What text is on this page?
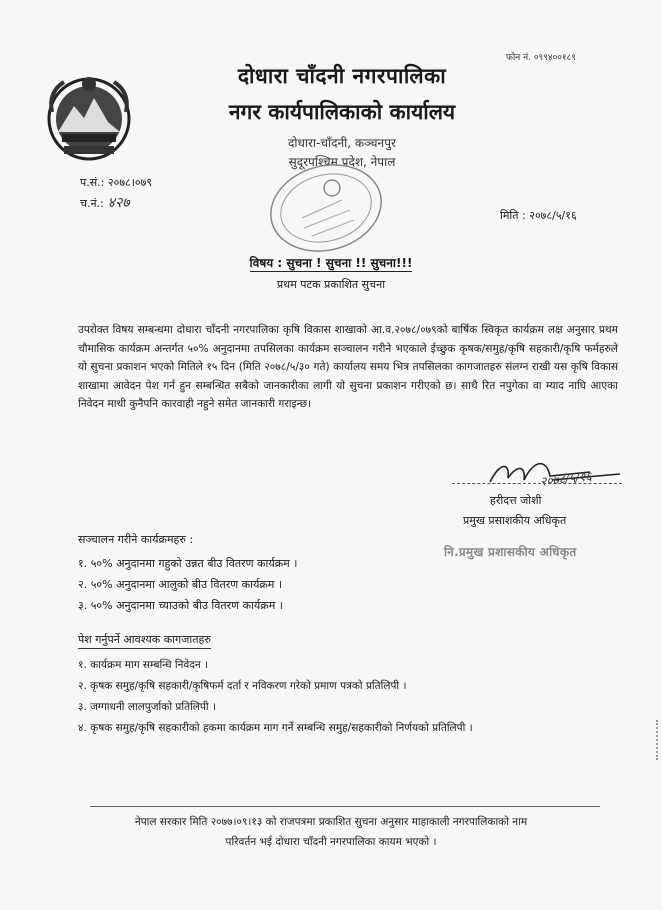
फोन नं. ०९९४००१८९
दोधारा चाँदनी नगरपालिका
नगर कार्यपालिकाको कार्यालय
दोधारा-चाँदनी, कञ्चनपुर
सुदूरपश्चिम प्रदेश, नेपाल
प.सं.: २०७८।०७९
च.नं.: ४२७
मिति : २०७८/५/१६
विषय : सुचना ! सुचना !! सुचना!!!
प्रथम पटक प्रकाशित सुचना
उपरोक्त विषय सम्बन्धमा दोधारा चाँदनी नगरपालिका कृषि विकास शाखाको आ.व.२०७८/०७९को बार्षिक स्विकृत कार्यक्रम लक्ष अनुसार प्रथम चौमासिक कार्यक्रम अन्तर्गत ५०% अनुदानमा तपसिलका कार्यक्रम सञ्चालन गरीने भएकाले ईच्छुक कृषक/समुह/कृषि सहकारी/कृषि फर्महरुले यो सुचना प्रकाशन भएको मितिले १५ दिन (मिति २०७८/५/३० गते) कार्यालय समय भित्र तपसिलका कागजातहरु संलग्न राखी यस कृषि विकास शाखामा आवेदन पेश गर्न हुन सम्बन्धित सबैको जानकारीका लागी यो सुचना प्रकाशन गरीएको छ। साथै रित नपुगेका वा म्याद नाघि आएका निवेदन माथी कुनैपनि कारवाही नहुने समेत जानकारी गराइन्छ।
२०७८/५/१६
हरीदत्त जोशी
प्रमुख प्रसाशकीय अधिकृत
नि.प्रमुख प्रशासकीय अधिकृत
सञ्चालन गरीने कार्यक्रमहरु :
१. ५०% अनुदानमा गहुको उन्नत बीउ वितरण कार्यक्रम ।
२. ५०% अनुदानमा आलुको बीउ वितरण कार्यक्रम ।
३. ५०% अनुदानमा च्याउको बीउ वितरण कार्यक्रम ।
पेश गर्नुपर्ने आवश्यक कागजातहरु
१. कार्यक्रम माग सम्बन्धि निवेदन ।
२. कृषक समुह/कृषि सहकारी/कृषिफर्म दर्ता र नविकरण गरेको प्रमाण पत्रको प्रतिलिपी ।
३. जग्गाधनी लालपुर्जाको प्रतिलिपी ।
४. कृषक समुह/कृषि सहकारीको हकमा कार्यक्रम माग गर्ने सम्बन्धि समुह/सहकारीको निर्णयको प्रतिलिपी ।
नेपाल सरकार मिति २०७७।०९।१३ को राजपत्रमा प्रकाशित सुचना अनुसार माहाकाली नगरपालिकाको नाम
परिवर्तन भई दोधारा चाँदनी नगरपालिका कायम भएको ।
